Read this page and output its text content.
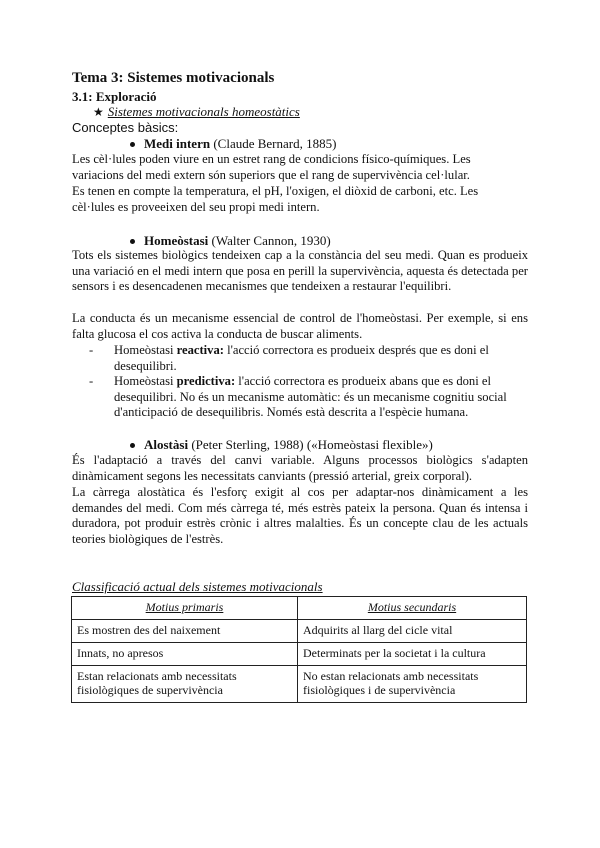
Tema 3: Sistemes motivacionals
3.1: Exploració
★ Sistemes motivacionals homeostàtics
Conceptes bàsics:
Medi intern (Claude Bernard, 1885)
Les cèl·lules poden viure en un estret rang de condicions físico-químiques. Les
variacions del medi extern són superiors que el rang de supervivència cel·lular.
Es tenen en compte la temperatura, el pH, l'oxigen, el diòxid de carboni, etc. Les
cèl·lules es proveeixen del seu propi medi intern.
Homeòstasi (Walter Cannon, 1930)
Tots els sistemes biològics tendeixen cap a la constància del seu medi. Quan es produeix una variació en el medi intern que posa en perill la supervivència, aquesta és detectada per sensors i es desencadenen mecanismes que tendeixen a restaurar l'equilibri.
La conducta és un mecanisme essencial de control de l'homeòstasi. Per exemple, si ens falta glucosa el cos activa la conducta de buscar aliments.
- Homeòstasi reactiva: l'acció correctora es produeix després que es doni el desequilibri.
- Homeòstasi predictiva: l'acció correctora es produeix abans que es doni el desequilibri. No és un mecanisme automàtic: és un mecanisme cognitiu social d'anticipació de desequilibris. Només està descrita a l'espècie humana.
Alostàsi (Peter Sterling, 1988) («Homeòstasi flexible»)
És l'adaptació a través del canvi variable. Alguns processos biològics s'adapten dinàmicament segons les necessitats canviants (pressió arterial, greix corporal).
La càrrega alostàtica és l'esforç exigit al cos per adaptar-nos dinàmicament a les demandes del medi. Com més càrrega té, més estrès pateix la persona. Quan és intensa i duradora, pot produir estrès crònic i altres malalties. És un concepte clau de les actuals teories biològiques de l'estrès.
Classificació actual dels sistemes motivacionals
Motius primaris	Motius secundaris
Es mostren des del naixement	Adquirits al llarg del cicle vital
Innats, no apresos	Determinats per la societat i la cultura
Estan relacionats amb necessitats fisiològiques de supervivència	No estan relacionats amb necessitats fisiològiques i de supervivència
